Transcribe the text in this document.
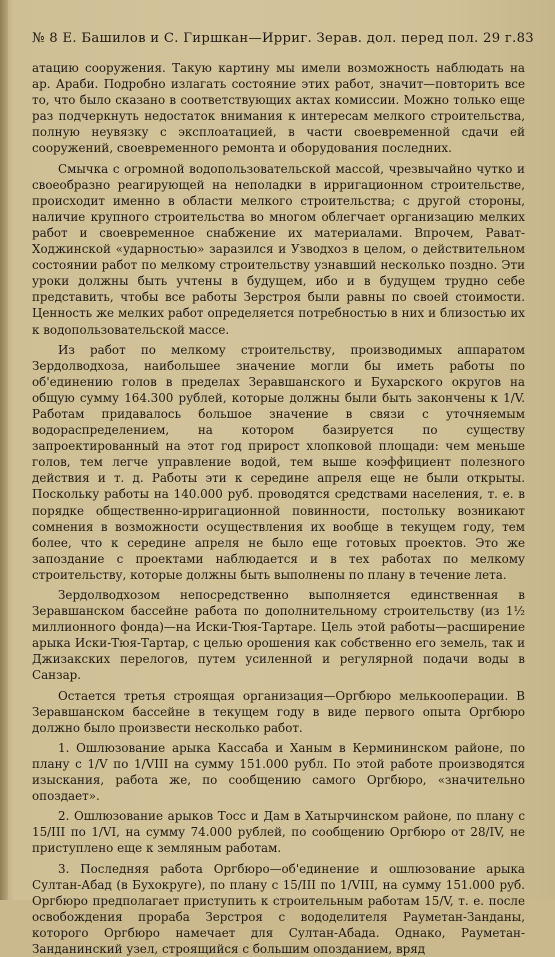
№ 8 Е. Башилов и С. Гиршкан—Ирриг. Зерав. дол. перед пол. 29 г. 83

атацию сооружения. Такую картину мы имели возможность наблюдать на ар. Араби. Подробно излагать состояние этих работ, значит—повторить все то, что было сказано в соответствующих актах комиссии. Можно только еще раз подчеркнуть недостаток внимания к интересам мелкого строительства, полную неувязку с эксплоатацией, в части своевременной сдачи ей сооружений, своевременного ремонта и оборудования последних.

Смычка с огромной водопользовательской массой, чрезвычайно чутко и своеобразно реагирующей на неполадки в ирригационном строительстве, происходит именно в области мелкого строительства; с другой стороны, наличие крупного строительства во многом облегчает организацию мелких работ и своевременное снабжение их материалами. Впрочем, Рават-Ходжинской «ударностью» заразился и Узводхоз в целом, о действительном состоянии работ по мелкому строительству узнавший несколько поздно. Эти уроки должны быть учтены в будущем, ибо и в будущем трудно себе представить, чтобы все работы Зерстроя были равны по своей стоимости. Ценность же мелких работ определяется потребностью в них и близостью их к водопользовательской массе.

Из работ по мелкому строительству, производимых аппаратом Зердолводхоза, наибольшее значение могли бы иметь работы по об'единению голов в пределах Зеравшанского и Бухарского округов на общую сумму 164.300 рублей, которые должны были быть закончены к 1/V. Работам придавалось большое значение в связи с уточняемым водораспределением, на котором базируется по существу запроектированный на этот год прирост хлопковой площади: чем меньше голов, тем легче управление водой, тем выше коэффициент полезного действия и т. д. Работы эти к середине апреля еще не были открыты. Поскольку работы на 140.000 руб. проводятся средствами населения, т. е. в порядке общественно-ирригационной повинности, постольку возникают сомнения в возможности осуществления их вообще в текущем году, тем более, что к середине апреля не было еще готовых проектов. Это же запоздание с проектами наблюдается и в тех работах по мелкому строительству, которые должны быть выполнены по плану в течение лета.

Зердолводхозом непосредственно выполняется единственная в Зеравшанском бассейне работа по дополнительному строительству (из 1½ миллионного фонда)—на Иски-Тюя-Тартаре. Цель этой работы—расширение арыка Иски-Тюя-Тартар, с целью орошения как собственно его земель, так и Джизакских перелогов, путем усиленной и регулярной подачи воды в Санзар.

Остается третья строящая организация—Оргбюро мелькооперации. В Зеравшанском бассейне в текущем году в виде первого опыта Оргбюро должно было произвести несколько работ.

1. Ошлюзование арыка Кассаба и Ханым в Кермининском районе, по плану с 1/V по 1/VIII на сумму 151.000 рубл. По этой работе производятся изыскания, работа же, по сообщению самого Оргбюро, «значительно опоздает».

2. Ошлюзование арыков Тосс и Дам в Хатырчинском районе, по плану с 15/III по 1/VI, на сумму 74.000 рублей, по сообщению Оргбюро от 28/IV, не приступлено еще к земляным работам.

3. Последняя работа Оргбюро—об'единение и ошлюзование арыка Султан-Абад (в Бухокруге), по плану с 15/III по 1/VIII, на сумму 151.000 руб. Оргбюро предполагает приступить к строительным работам 15/V, т. е. после освобождения прораба Зерстроя с вододелителя Рауметан-Занданы, которого Оргбюро намечает для Султан-Абада. Однако, Рауметан-Занданинский узел, строящийся с большим опозданием, вряд
